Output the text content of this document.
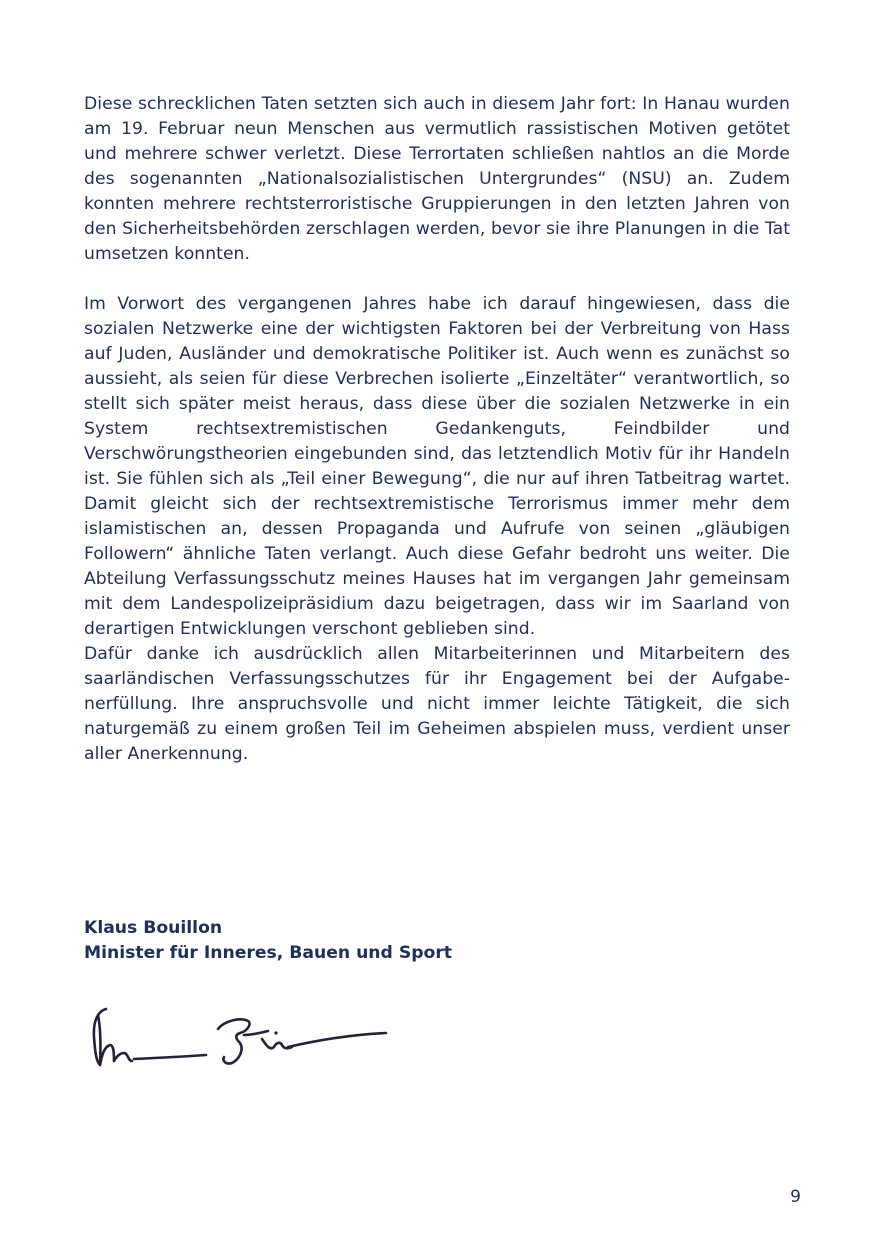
Diese schrecklichen Taten setzten sich auch in diesem Jahr fort: In Hanau wurden am 19. Februar neun Menschen aus vermutlich rassistischen Motiven getötet und mehrere schwer verletzt. Diese Terrortaten schließen nahtlos an die Morde des sogenannten „Nationalsozialistischen Untergrundes“ (NSU) an. Zudem konnten mehrere rechtsterroristische Gruppierungen in den letzten Jahren von den Sicherheitsbehörden zerschlagen werden, bevor sie ihre Planungen in die Tat umsetzen konnten.

Im Vorwort des vergangenen Jahres habe ich darauf hingewiesen, dass die sozialen Netzwerke eine der wichtigsten Faktoren bei der Verbreitung von Hass auf Juden, Ausländer und demokratische Politiker ist. Auch wenn es zunächst so aussieht, als seien für diese Verbrechen isolierte „Einzeltäter“ verantwortlich, so stellt sich später meist heraus, dass diese über die sozialen Netzwerke in ein System rechtsextremistischen Gedankenguts, Feindbilder und Verschwörungstheorien eingebunden sind, das letztendlich Motiv für ihr Handeln ist. Sie fühlen sich als „Teil einer Bewegung“, die nur auf ihren Tatbeitrag wartet. Damit gleicht sich der rechtsextremistische Terrorismus immer mehr dem islamistischen an, dessen Propaganda und Aufrufe von seinen „gläubigen Followern“ ähnliche Taten verlangt. Auch diese Gefahr bedroht uns weiter. Die Abteilung Verfassungsschutz meines Hauses hat im vergangen Jahr gemeinsam mit dem Landespolizeipräsidium dazu beigetragen, dass wir im Saarland von derartigen Entwicklungen verschont geblieben sind.

Dafür danke ich ausdrücklich allen Mitarbeiterinnen und Mitarbeitern des saarländischen Verfassungsschutzes für ihr Engagement bei der Aufgabenerfüllung. Ihre anspruchsvolle und nicht immer leichte Tätigkeit, die sich naturgemäß zu einem großen Teil im Geheimen abspielen muss, verdient unser aller Anerkennung.

Klaus Bouillon
Minister für Inneres, Bauen und Sport
9
